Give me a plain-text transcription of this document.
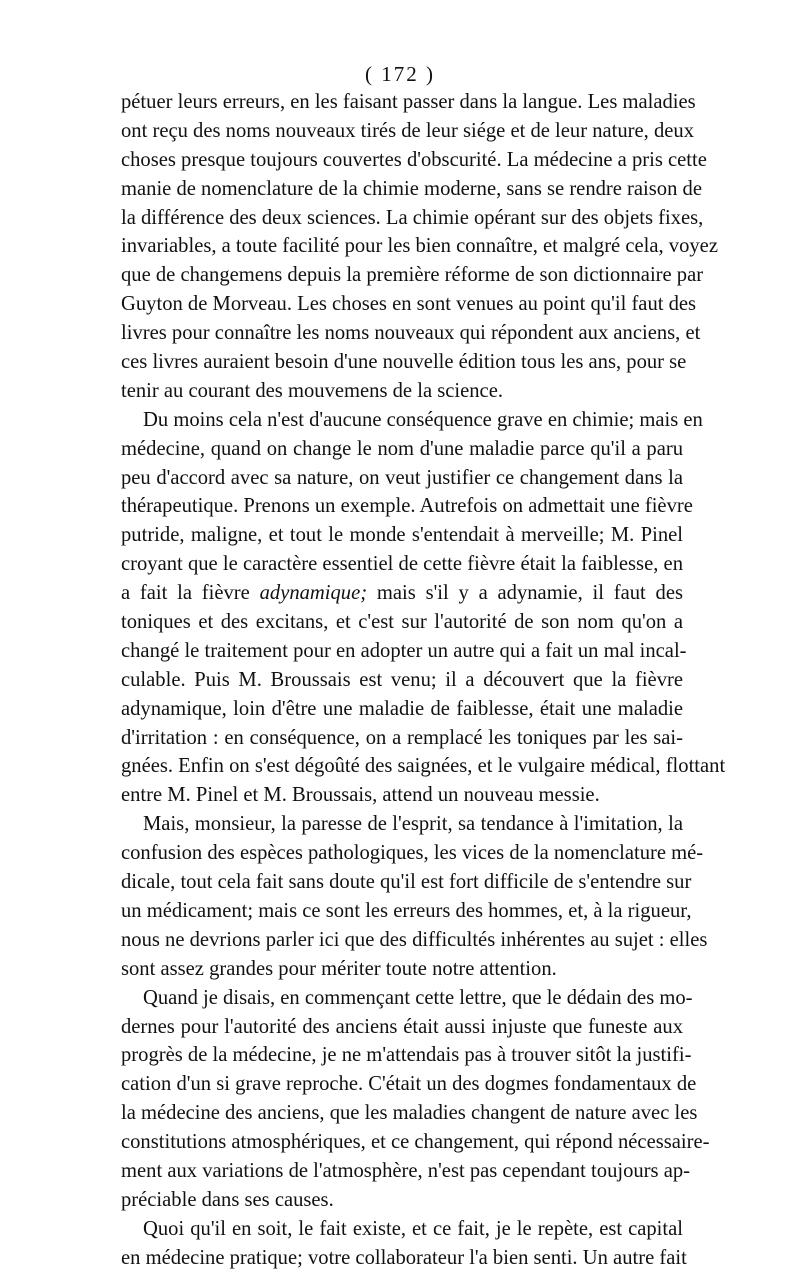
( 172 )
pétuer leurs erreurs, en les faisant passer dans la langue. Les maladies
ont reçu des noms nouveaux tirés de leur siége et de leur nature, deux
choses presque toujours couvertes d'obscurité. La médecine a pris cette
manie de nomenclature de la chimie moderne, sans se rendre raison de
la différence des deux sciences. La chimie opérant sur des objets fixes,
invariables, a toute facilité pour les bien connaître, et malgré cela, voyez
que de changemens depuis la première réforme de son dictionnaire par
Guyton de Morveau. Les choses en sont venues au point qu'il faut des
livres pour connaître les noms nouveaux qui répondent aux anciens, et
ces livres auraient besoin d'une nouvelle édition tous les ans, pour se
tenir au courant des mouvemens de la science.
Du moins cela n'est d'aucune conséquence grave en chimie; mais en
médecine, quand on change le nom d'une maladie parce qu'il a paru
peu d'accord avec sa nature, on veut justifier ce changement dans la
thérapeutique. Prenons un exemple. Autrefois on admettait une fièvre
putride, maligne, et tout le monde s'entendait à merveille; M. Pinel
croyant que le caractère essentiel de cette fièvre était la faiblesse, en
a fait la fièvre adynamique; mais s'il y a adynamie, il faut des
toniques et des excitans, et c'est sur l'autorité de son nom qu'on a
changé le traitement pour en adopter un autre qui a fait un mal incal-
culable. Puis M. Broussais est venu; il a découvert que la fièvre
adynamique, loin d'être une maladie de faiblesse, était une maladie
d'irritation : en conséquence, on a remplacé les toniques par les sai-
gnées. Enfin on s'est dégoûté des saignées, et le vulgaire médical, flottant
entre M. Pinel et M. Broussais, attend un nouveau messie.
Mais, monsieur, la paresse de l'esprit, sa tendance à l'imitation, la
confusion des espèces pathologiques, les vices de la nomenclature mé-
dicale, tout cela fait sans doute qu'il est fort difficile de s'entendre sur
un médicament; mais ce sont les erreurs des hommes, et, à la rigueur,
nous ne devrions parler ici que des difficultés inhérentes au sujet : elles
sont assez grandes pour mériter toute notre attention.
Quand je disais, en commençant cette lettre, que le dédain des mo-
dernes pour l'autorité des anciens était aussi injuste que funeste aux
progrès de la médecine, je ne m'attendais pas à trouver sitôt la justifi-
cation d'un si grave reproche. C'était un des dogmes fondamentaux de
la médecine des anciens, que les maladies changent de nature avec les
constitutions atmosphériques, et ce changement, qui répond nécessaire-
ment aux variations de l'atmosphère, n'est pas cependant toujours ap-
préciable dans ses causes.
Quoi qu'il en soit, le fait existe, et ce fait, je le repète, est capital
en médecine pratique; votre collaborateur l'a bien senti. Un autre fait
